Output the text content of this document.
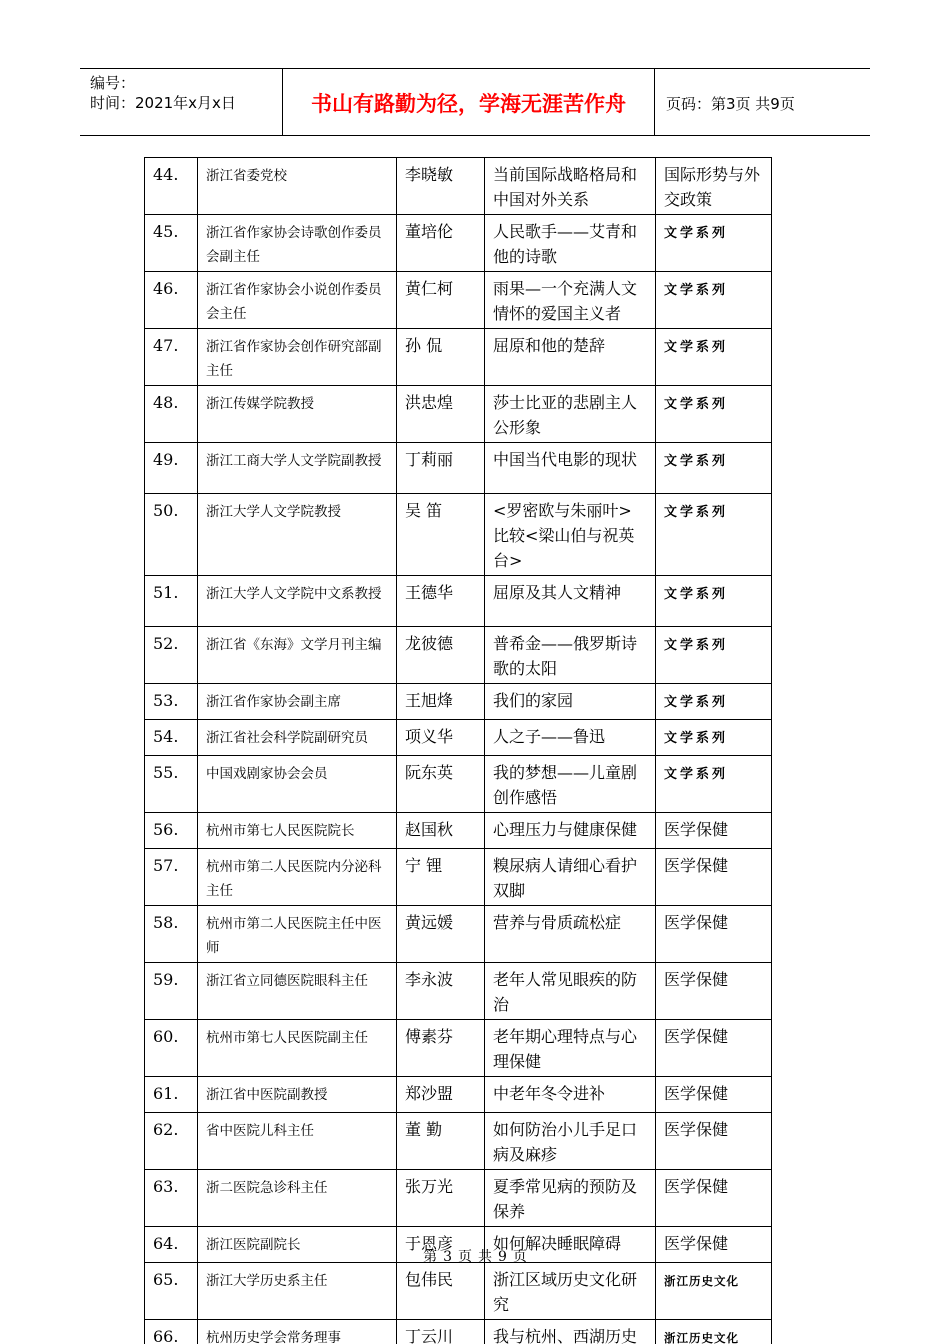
编号：
时间：2021年x月x日	书山有路勤为径，学海无涯苦作舟	页码：第3页 共9页
44.	浙江省委党校	李晓敏	当前国际战略格局和中国对外关系	国际形势与外交政策
45.	浙江省作家协会诗歌创作委员会副主任	董培伦	人民歌手——艾青和他的诗歌	文学系列
46.	浙江省作家协会小说创作委员会主任	黄仁柯	雨果—一个充满人文情怀的爱国主义者	文学系列
47.	浙江省作家协会创作研究部副主任	孙 侃	屈原和他的楚辞	文学系列
48.	浙江传媒学院教授	洪忠煌	莎士比亚的悲剧主人公形象	文学系列
49.	浙江工商大学人文学院副教授	丁莉丽	中国当代电影的现状	文学系列
50.	浙江大学人文学院教授	吴 笛	<罗密欧与朱丽叶>比较<梁山伯与祝英台>	文学系列
51.	浙江大学人文学院中文系教授	王德华	屈原及其人文精神	文学系列
52.	浙江省《东海》文学月刊主编	龙彼德	普希金——俄罗斯诗歌的太阳	文学系列
53.	浙江省作家协会副主席	王旭烽	我们的家园	文学系列
54.	浙江省社会科学院副研究员	项义华	人之子——鲁迅	文学系列
55.	中国戏剧家协会会员	阮东英	我的梦想——儿童剧创作感悟	文学系列
56.	杭州市第七人民医院院长	赵国秋	心理压力与健康保健	医学保健
57.	杭州市第二人民医院内分泌科主任	宁 锂	糗尿病人请细心看护双脚	医学保健
58.	杭州市第二人民医院主任中医师	黄远媛	营养与骨质疏松症	医学保健
59.	浙江省立同德医院眼科主任	李永波	老年人常见眼疾的防治	医学保健
60.	杭州市第七人民医院副主任	傅素芬	老年期心理特点与心理保健	医学保健
61.	浙江省中医院副教授	郑沙盟	中老年冬令进补	医学保健
62.	省中医院儿科主任	董 勤	如何防治小儿手足口病及麻疹	医学保健
63.	浙二医院急诊科主任	张万光	夏季常见病的预防及保养	医学保健
64.	浙江医院副院长	于恩彦	如何解决睡眠障碍	医学保健
65.	浙江大学历史系主任	包伟民	浙江区域历史文化研究	浙江历史文化
66.	杭州历史学会常务理事	丁云川	我与杭州、西湖历史	浙江历史文化
第 3 页 共 9 页
